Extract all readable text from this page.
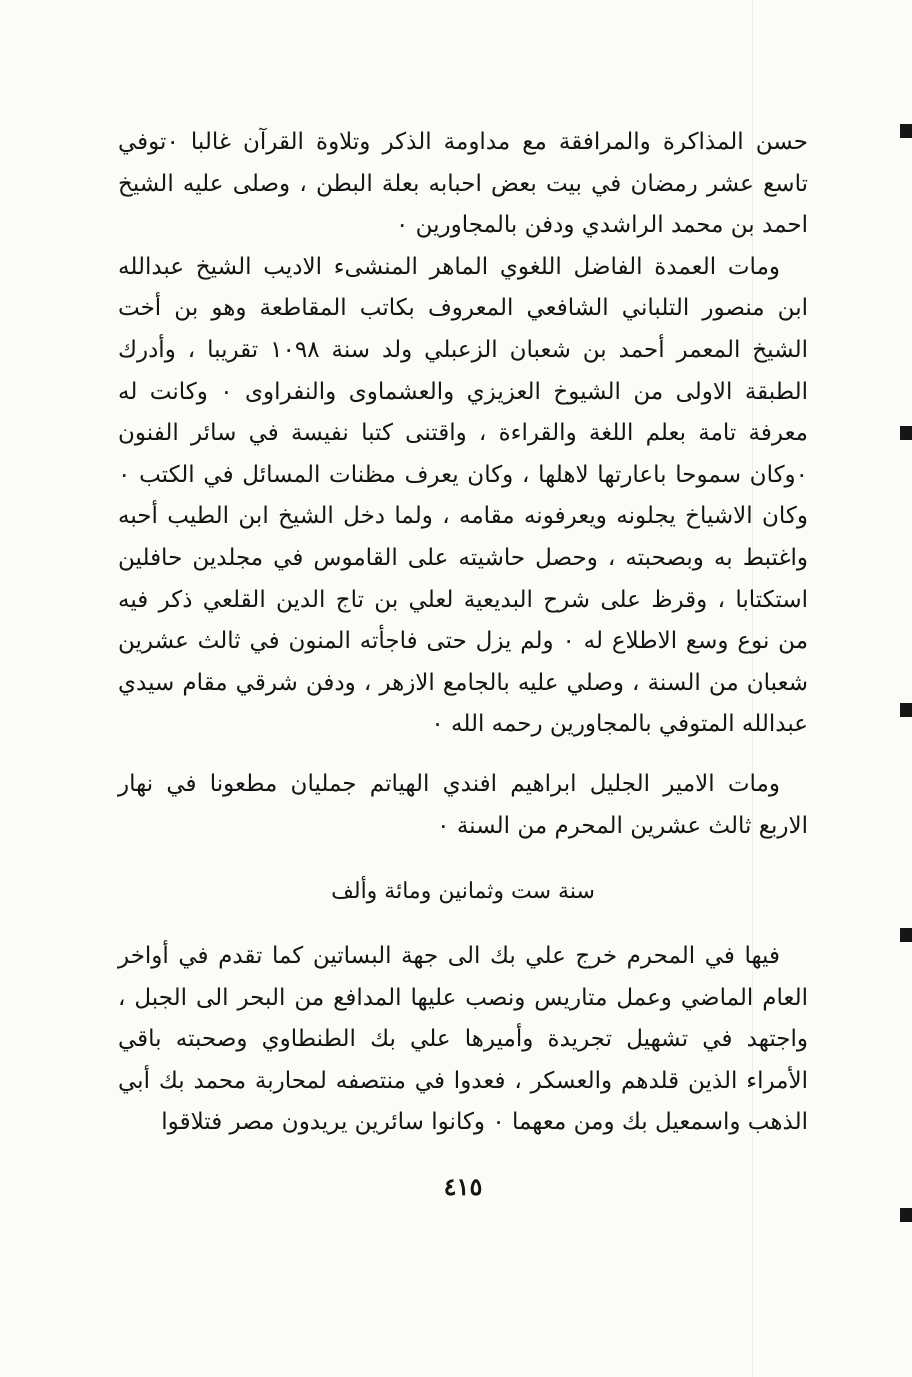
حسن المذاكرة والمرافقة مع مداومة الذكر وتلاوة القرآن غالبا ٠توفي تاسع عشر رمضان في بيت بعض احبابه بعلة البطن ، وصلى عليه الشيخ احمد بن محمد الراشدي ودفن بالمجاورين ٠

ومات العمدة الفاضل اللغوي الماهر المنشىء الاديب الشيخ عبدالله ابن منصور التلباني الشافعي المعروف بكاتب المقاطعة وهو بن أخت الشيخ المعمر أحمد بن شعبان الزعبلي ولد سنة ١٠٩٨ تقريبا ، وأدرك الطبقة الاولى من الشيوخ العزيزي والعشماوى والنفراوى ٠ وكانت له معرفة تامة بعلم اللغة والقراءة ، واقتنى كتبا نفيسة في سائر الفنون ٠وكان سموحا باعارتها لاهلها ، وكان يعرف مظنات المسائل في الكتب ٠ وكان الاشياخ يجلونه ويعرفونه مقامه ، ولما دخل الشيخ ابن الطيب أحبه واغتبط به وبصحبته ، وحصل حاشيته على القاموس في مجلدين حافلين استكتابا ، وقرظ على شرح البديعية لعلي بن تاج الدين القلعي ذكر فيه من نوع وسع الاطلاع له ٠ ولم يزل حتى فاجأته المنون في ثالث عشرين شعبان من السنة ، وصلي عليه بالجامع الازهر ، ودفن شرقي مقام سيدي عبدالله المتوفي بالمجاورين رحمه الله ٠

ومات الامير الجليل ابراهيم افندي الهياتم جمليان مطعونا في نهار الاربع ثالث عشرين المحرم من السنة ٠

سنة ست وثمانين ومائة وألف

فيها في المحرم خرج علي بك الى جهة البساتين كما تقدم في أواخر العام الماضي وعمل متاريس ونصب عليها المدافع من البحر الى الجبل ، واجتهد في تشهيل تجريدة وأميرها علي بك الطنطاوي وصحبته باقي الأمراء الذين قلدهم والعسكر ، فعدوا في منتصفه لمحاربة محمد بك أبي الذهب واسمعيل بك ومن معهما ٠ وكانوا سائرين يريدون مصر فتلاقوا

٤١٥
